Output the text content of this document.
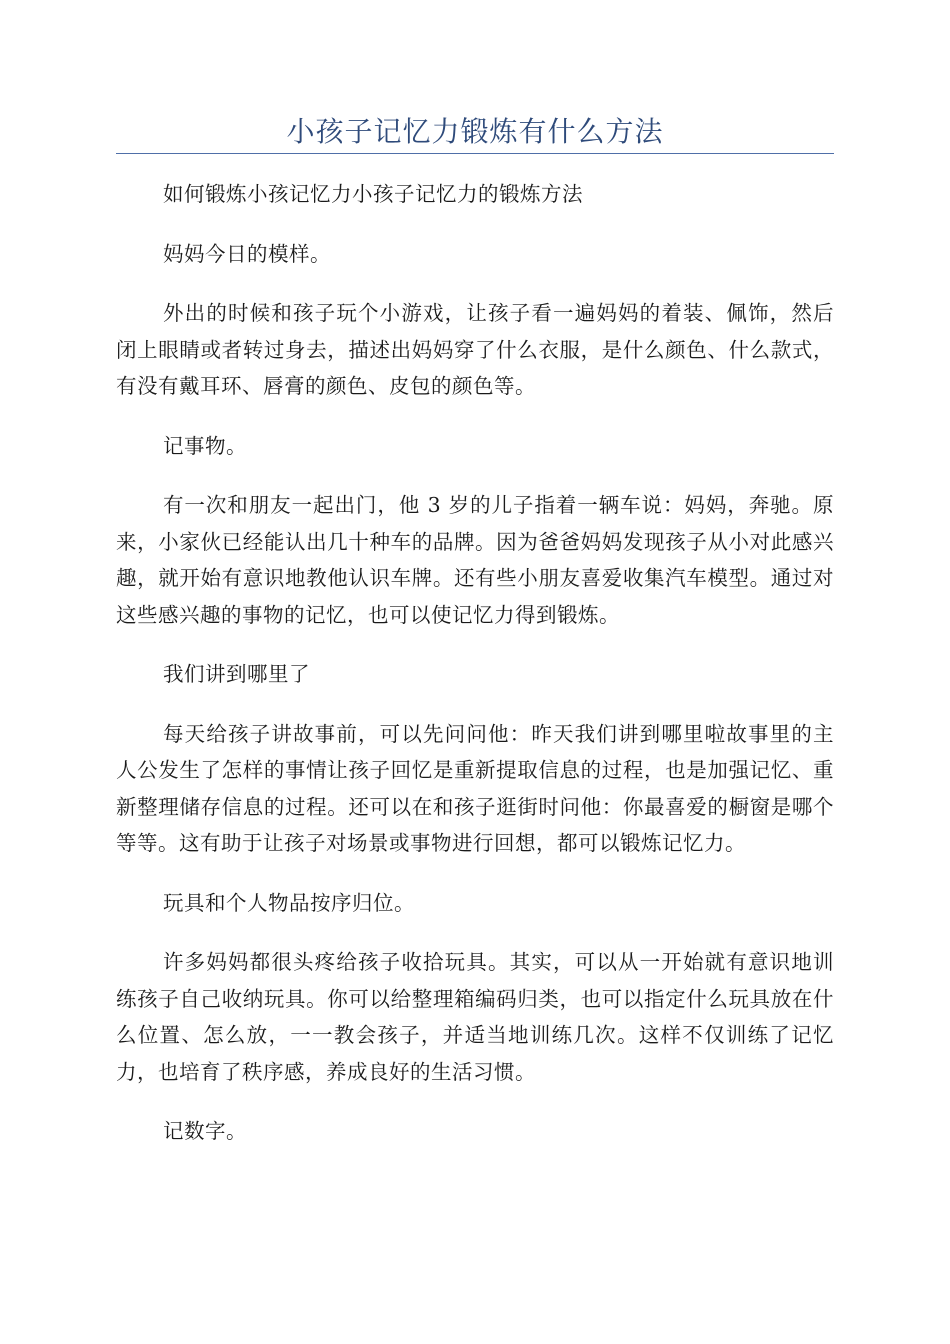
小孩子记忆力锻炼有什么方法

如何锻炼小孩记忆力小孩子记忆力的锻炼方法

妈妈今日的模样。

外出的时候和孩子玩个小游戏，让孩子看一遍妈妈的着装、佩饰，然后闭上眼睛或者转过身去，描述出妈妈穿了什么衣服，是什么颜色、什么款式，有没有戴耳环、唇膏的颜色、皮包的颜色等。

记事物。

有一次和朋友一起出门，他 3 岁的儿子指着一辆车说：妈妈，奔驰。原来，小家伙已经能认出几十种车的品牌。因为爸爸妈妈发现孩子从小对此感兴趣，就开始有意识地教他认识车牌。还有些小朋友喜爱收集汽车模型。通过对这些感兴趣的事物的记忆，也可以使记忆力得到锻炼。

我们讲到哪里了

每天给孩子讲故事前，可以先问问他：昨天我们讲到哪里啦故事里的主人公发生了怎样的事情让孩子回忆是重新提取信息的过程，也是加强记忆、重新整理储存信息的过程。还可以在和孩子逛街时问他：你最喜爱的橱窗是哪个等等。这有助于让孩子对场景或事物进行回想，都可以锻炼记忆力。

玩具和个人物品按序归位。

许多妈妈都很头疼给孩子收拾玩具。其实，可以从一开始就有意识地训练孩子自己收纳玩具。你可以给整理箱编码归类，也可以指定什么玩具放在什么位置、怎么放，一一教会孩子，并适当地训练几次。这样不仅训练了记忆力，也培育了秩序感，养成良好的生活习惯。

记数字。
